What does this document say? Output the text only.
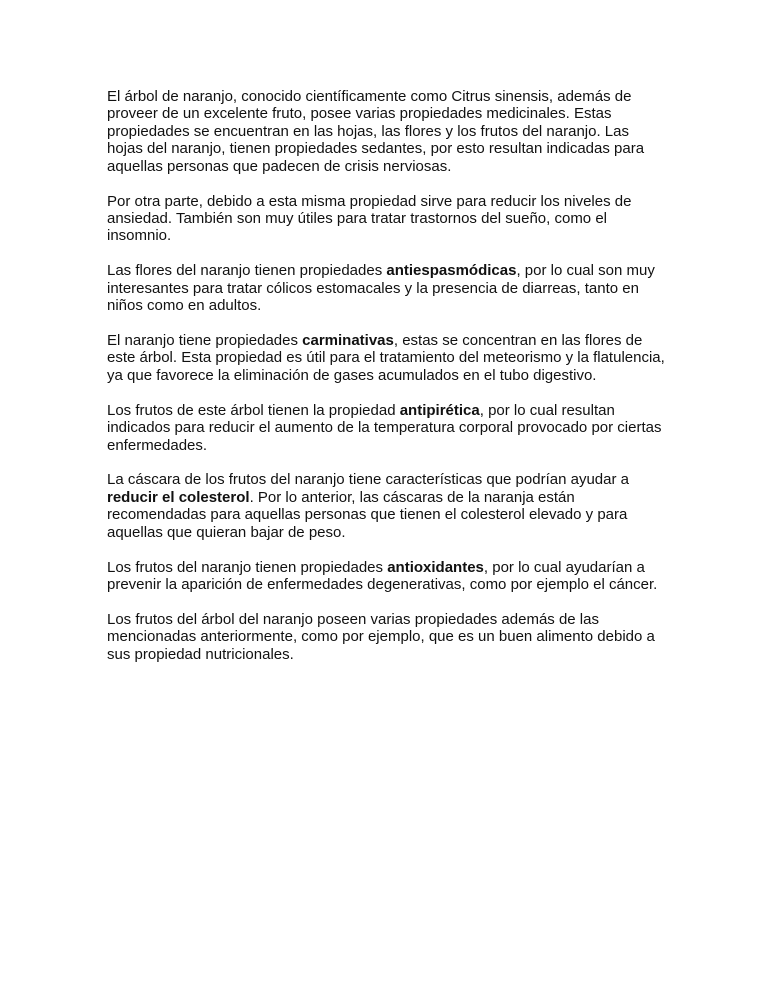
El árbol de naranjo, conocido científicamente como Citrus sinensis, además de proveer de un excelente fruto, posee varias propiedades medicinales. Estas propiedades se encuentran en las hojas, las flores y los frutos del naranjo. Las hojas del naranjo, tienen propiedades sedantes, por esto resultan indicadas para aquellas personas que padecen de crisis nerviosas.

Por otra parte, debido a esta misma propiedad sirve para reducir los niveles de ansiedad. También son muy útiles para tratar trastornos del sueño, como el insomnio.

Las flores del naranjo tienen propiedades antiespasmódicas, por lo cual son muy interesantes para tratar cólicos estomacales y la presencia de diarreas, tanto en niños como en adultos.

El naranjo tiene propiedades carminativas, estas se concentran en las flores de este árbol. Esta propiedad es útil para el tratamiento del meteorismo y la flatulencia, ya que favorece la eliminación de gases acumulados en el tubo digestivo.

Los frutos de este árbol tienen la propiedad antipirética, por lo cual resultan indicados para reducir el aumento de la temperatura corporal provocado por ciertas enfermedades.

La cáscara de los frutos del naranjo tiene características que podrían ayudar a reducir el colesterol. Por lo anterior, las cáscaras de la naranja están recomendadas para aquellas personas que tienen el colesterol elevado y para aquellas que quieran bajar de peso.

Los frutos del naranjo tienen propiedades antioxidantes, por lo cual ayudarían a prevenir la aparición de enfermedades degenerativas, como por ejemplo el cáncer.

Los frutos del árbol del naranjo poseen varias propiedades además de las mencionadas anteriormente, como por ejemplo, que es un buen alimento debido a sus propiedad nutricionales.
